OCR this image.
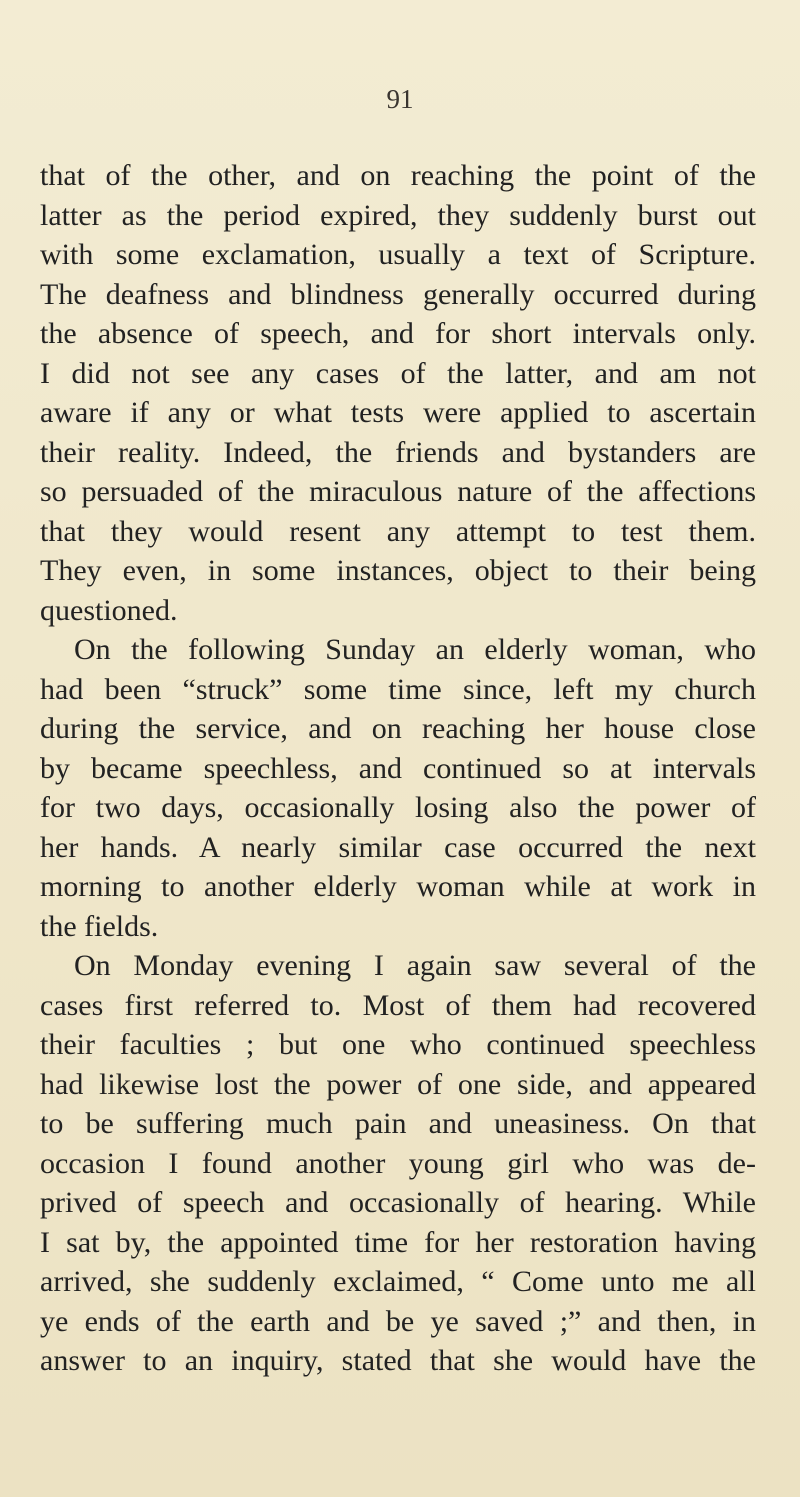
91
that of the other, and on reaching the point of the
latter as the period expired, they suddenly burst out
with some exclamation, usually a text of Scripture.
The deafness and blindness generally occurred during
the absence of speech, and for short intervals only.
I did not see any cases of the latter, and am not
aware if any or what tests were applied to ascertain
their reality. Indeed, the friends and bystanders are
so persuaded of the miraculous nature of the affections
that they would resent any attempt to test them.
They even, in some instances, object to their being
questioned.
On the following Sunday an elderly woman, who
had been “struck” some time since, left my church
during the service, and on reaching her house close
by became speechless, and continued so at intervals
for two days, occasionally losing also the power of
her hands. A nearly similar case occurred the next
morning to another elderly woman while at work in
the fields.
On Monday evening I again saw several of the
cases first referred to. Most of them had recovered
their faculties ; but one who continued speechless
had likewise lost the power of one side, and appeared
to be suffering much pain and uneasiness. On that
occasion I found another young girl who was de-
prived of speech and occasionally of hearing. While
I sat by, the appointed time for her restoration having
arrived, she suddenly exclaimed, “ Come unto me all
ye ends of the earth and be ye saved ;” and then, in
answer to an inquiry, stated that she would have the
